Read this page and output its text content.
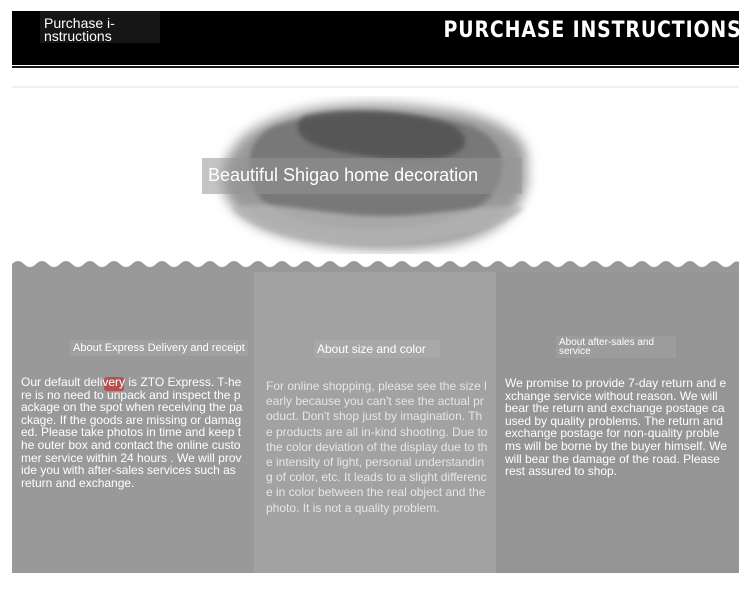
Purchase i-
nstructions	PURCHASE INSTRUCTIONS
Beautiful Shigao home decoration
About Express Delivery and receipt
Our default delivery is ZTO Express. T-here is no need to unpack and inspect the package on the spot when receiving the package. If the goods are missing or damaged. Please take photos in time and keep the outer box and contact the online customer service within 24 hours . We will provide you with after-sales services such as return and exchange.
About size and color
For online shopping, please see the size learly because you can't see the actual product. Don't shop just by imagination. The products are all in-kind shooting. Due to the color deviation of the display due to the intensity of light, personal understanding of color, etc. It leads to a slight difference in color between the real object and the photo. It is not a quality problem.
About after-sales and service
We promise to provide 7-day return and exchange service without reason. We will bear the return and exchange postage caused by quality problems. The return and exchange postage for non-quality problems will be borne by the buyer himself. We will bear the damage of the road. Please rest assured to shop.
